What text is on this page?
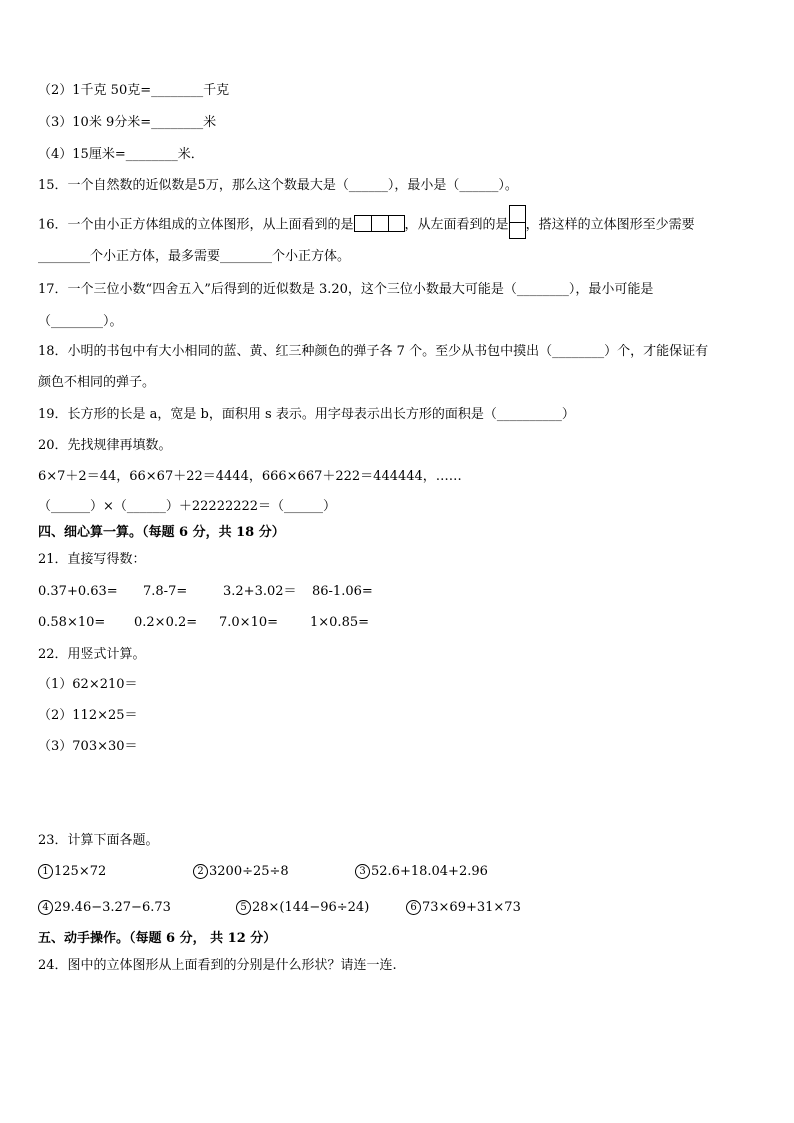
（2）1千克 50克=________千克
（3）10米 9分米=________米
（4）15厘米=________米．
15．一个自然数的近似数是5万，那么这个数最大是（______），最小是（______）。
16．一个由小正方体组成的立体图形，从上面看到的是	，从左面看到的是 ，搭这样的立体图形至少需要
________个小正方体，最多需要________个小正方体。
17．一个三位小数“四舍五入”后得到的近似数是 3.20，这个三位小数最大可能是（________），最小可能是
（________）。
18．小明的书包中有大小相同的蓝、黄、红三种颜色的弹子各 7 个。至少从书包中摸出（________）个，才能保证有
颜色不相同的弹子。
19．长方形的长是 a，宽是 b，面积用 s 表示。用字母表示出长方形的面积是（__________）
20．先找规律再填数。
6×7＋2＝44，66×67＋22＝4444，666×667＋222＝444444，……
（______）×（______）＋22222222＝（______）
四、细心算一算。（每题 6 分，共 18 分）
21．直接写得数：
0.37+0.63= 7.8-7=	3.2+3.02＝ 86-1.06=
0.58×10= 0.2×0.2= 7.0×10= 1×0.85=
22．用竖式计算。
（1）62×210＝
（2）112×25＝
（3）703×30＝
23．计算下面各题。
1 125×72	2 3200÷25÷8	3 52.6+18.04+2.96
4 29.46−3.27−6.73	5 28×(144−96÷24)	6 73×69+31×73
五、动手操作。（每题 6 分， 共 12 分）
24．图中的立体图形从上面看到的分别是什么形状？请连一连.
